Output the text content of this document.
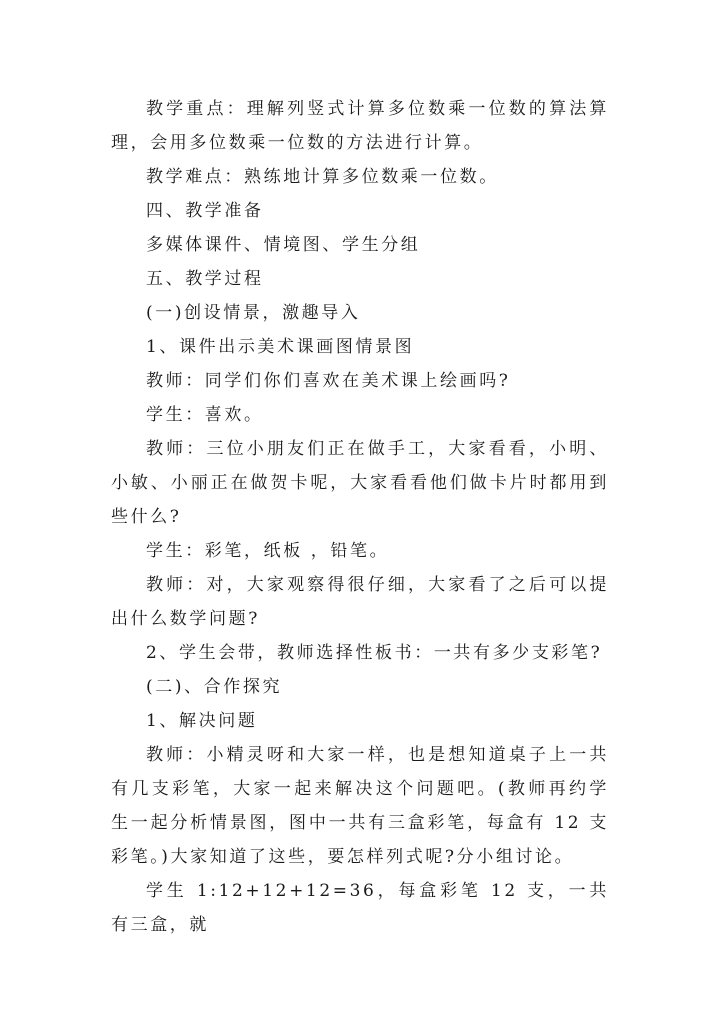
教学重点：理解列竖式计算多位数乘一位数的算法算理，会用多位数乘一位数的方法进行计算。

教学难点：熟练地计算多位数乘一位数。

四、教学准备

多媒体课件、情境图、学生分组

五、教学过程

(一)创设情景，激趣导入

1、课件出示美术课画图情景图

教师：同学们你们喜欢在美术课上绘画吗?

学生：喜欢。

教师：三位小朋友们正在做手工，大家看看，小明、小敏、小丽正在做贺卡呢，大家看看他们做卡片时都用到些什么?

学生：彩笔，纸板 ，铅笔。

教师：对，大家观察得很仔细，大家看了之后可以提出什么数学问题?

2、学生会带，教师选择性板书：一共有多少支彩笔?

(二)、合作探究

1、解决问题

教师：小精灵呀和大家一样，也是想知道桌子上一共有几支彩笔，大家一起来解决这个问题吧。(教师再约学生一起分析情景图，图中一共有三盒彩笔，每盒有 12 支彩笔。)大家知道了这些，要怎样列式呢?分小组讨论。

学生 1:12+12+12=36，每盒彩笔 12 支，一共有三盒，就
